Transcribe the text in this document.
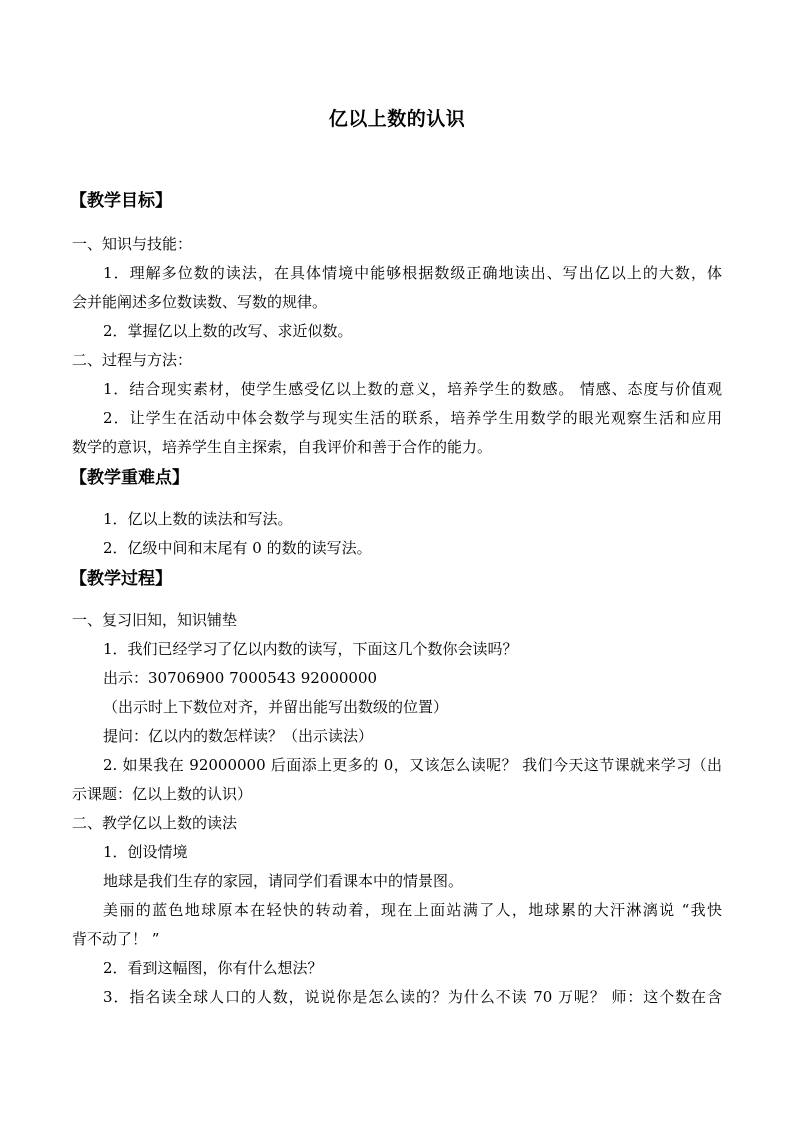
亿以上数的认识

【教学目标】

一、知识与技能：

1．理解多位数的读法，在具体情境中能够根据数级正确地读出、写出亿以上的大数，体

会并能阐述多位数读数、写数的规律。

2．掌握亿以上数的改写、求近似数。

二、过程与方法：

1．结合现实素材，使学生感受亿以上数的意义，培养学生的数感。 情感、态度与价值观

2．让学生在活动中体会数学与现实生活的联系，培养学生用数学的眼光观察生活和应用

数学的意识，培养学生自主探索，自我评价和善于合作的能力。

【教学重难点】

1．亿以上数的读法和写法。

2．亿级中间和末尾有 0 的数的读写法。

【教学过程】

一、复习旧知，知识铺垫

1．我们已经学习了亿以内数的读写，下面这几个数你会读吗？

出示：30706900 7000543 92000000

（出示时上下数位对齐，并留出能写出数级的位置）

提问：亿以内的数怎样读？（出示读法）

2. 如果我在 92000000 后面添上更多的 0，又该怎么读呢？ 我们今天这节课就来学习（出

示课题：亿以上数的认识）

二、教学亿以上数的读法

1．创设情境

地球是我们生存的家园，请同学们看课本中的情景图。

美丽的蓝色地球原本在轻快的转动着，现在上面站满了人，地球累的大汗淋漓说 “我快

背不动了！ ”

2．看到这幅图，你有什么想法？

3．指名读全球人口的人数，说说你是怎么读的？为什么不读 70 万呢？ 师：这个数在含
